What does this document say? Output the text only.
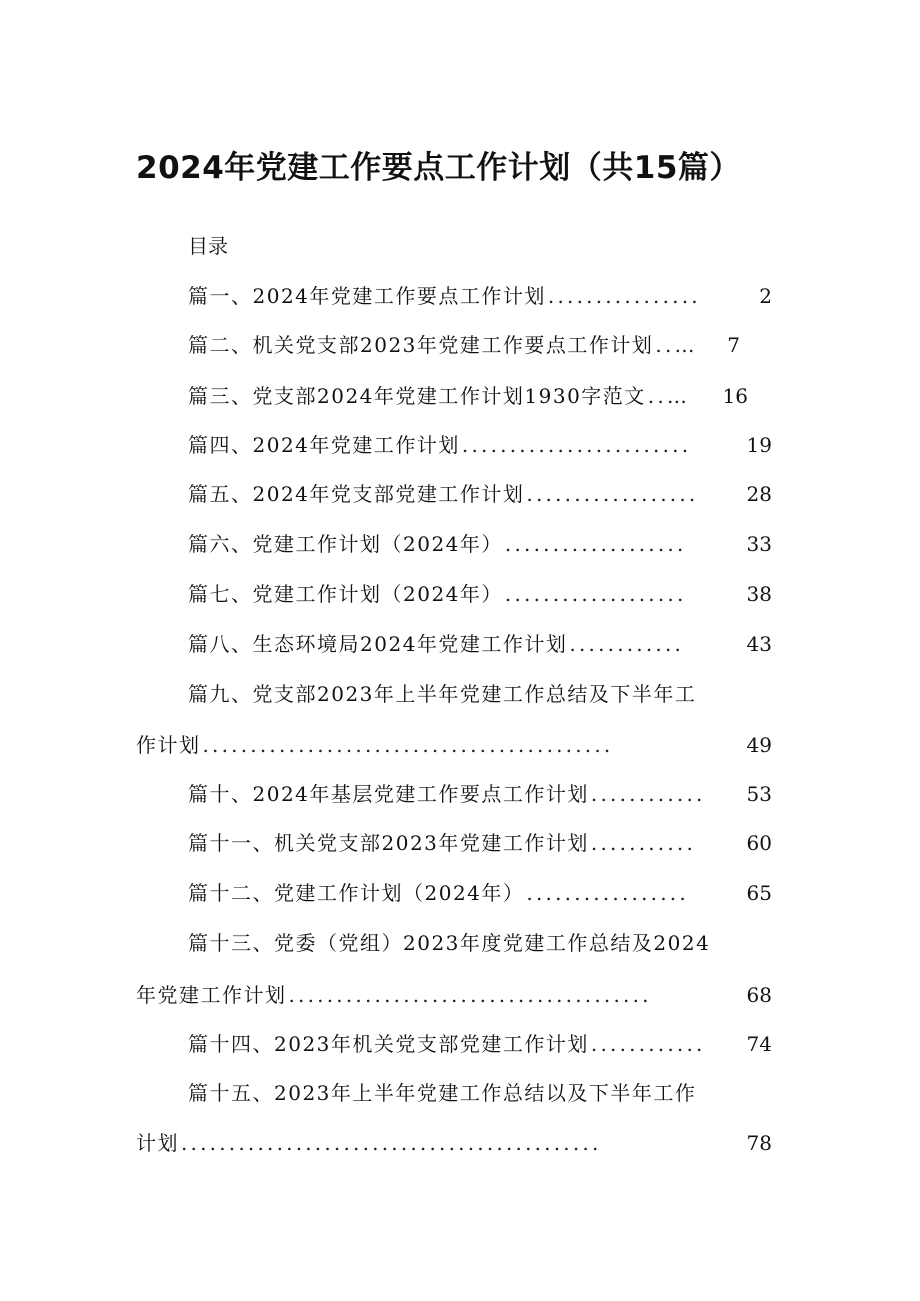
2024年党建工作要点工作计划（共15篇）
目录
篇一、2024年党建工作要点工作计划 ................	2
篇二、机关党支部2023年党建工作要点工作计划 ..…	7
篇三、党支部2024年党建工作计划1930字范文 ..…	16
篇四、2024年党建工作计划 ........................	19
篇五、2024年党支部党建工作计划 ..................	28
篇六、党建工作计划（2024年） ...................	33
篇七、党建工作计划（2024年） ...................	38
篇八、生态环境局2024年党建工作计划 ............	43
篇九、党支部2023年上半年党建工作总结及下半年工
作计划 ...........................................	49
篇十、2024年基层党建工作要点工作计划 ............	53
篇十一、机关党支部2023年党建工作计划 ...........	60
篇十二、党建工作计划（2024年） .................	65
篇十三、党委（党组）2023年度党建工作总结及2024
年党建工作计划 ......................................	68
篇十四、2023年机关党支部党建工作计划 ............	74
篇十五、2023年上半年党建工作总结以及下半年工作
计划 ............................................	78
